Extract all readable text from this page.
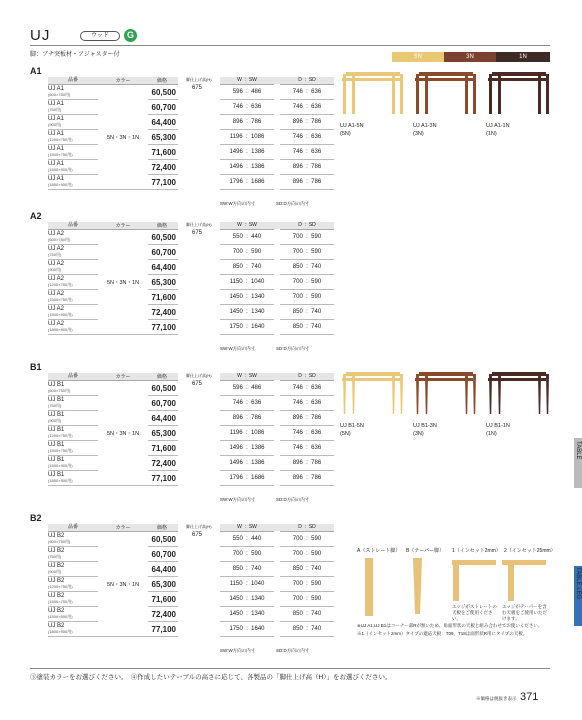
UJ	ウッド	G
脚：ブナ突板材・アジャスター付	5N	3N	1N
A1
品番	カラー	価格

UJ A1
(600×750用)	5N・3N・1N	60,500

UJ A1
(750用)		60,700

UJ A1
(900用)		64,400

UJ A1
(1200×750用)		65,300

UJ A1
(1500×750用)		71,600

UJ A1
(1500×900用)		72,400

UJ A1
(1800×900用)		77,100
脚仕上げ高(H)
675
W : SW		D : SD
596 : 486		746 : 636
746 : 636		746 : 636
896 : 786		896 : 786
1196 : 1086		746 : 636
1496 : 1386		746 : 636
1496 : 1386		896 : 786
1796 : 1686		896 : 786
SW:W方向の内寸	SD:D方向の内寸
UJ A1-5N
(5N)
UJ A1-3N
(3N)
UJ A1-1N
(1N)
A2
品番	カラー	価格

UJ A2
(600×750用)	5N・3N・1N	60,500

UJ A2
(750用)		60,700

UJ A2
(900用)		64,400

UJ A2
(1200×750用)		65,300

UJ A2
(1500×750用)		71,600

UJ A2
(1500×900用)		72,400

UJ A2
(1800×900用)		77,100
脚仕上げ高(H)
675
W : SW		D : SD
550 : 440		700 : 590
700 : 590		700 : 590
850 : 740		850 : 740
1150 : 1040		700 : 590
1450 : 1340		700 : 590
1450 : 1340		850 : 740
1750 : 1640		850 : 740
SW:W方向の内寸	SD:D方向の内寸
B1
品番	カラー	価格

UJ B1
(600×750用)	5N・3N・1N	60,500

UJ B1
(750用)		60,700

UJ B1
(900用)		64,400

UJ B1
(1200×750用)		65,300

UJ B1
(1500×750用)		71,600

UJ B1
(1500×900用)		72,400

UJ B1
(1800×900用)		77,100
脚仕上げ高(H)
675
W : SW		D : SD
596 : 486		746 : 636
746 : 636		746 : 636
896 : 786		896 : 786
1196 : 1086		746 : 636
1496 : 1386		746 : 636
1496 : 1386		896 : 786
1796 : 1686		896 : 786
SW:W方向の内寸	SD:D方向の内寸
UJ B1-5N
(5N)
UJ B1-3N
(3N)
UJ B1-1N
(1N)
B2
品番	カラー	価格

UJ B2
(600×750用)	5N・3N・1N	60,500

UJ B2
(750用)		60,700

UJ B2
(900用)		64,400

UJ B2
(1200×750用)		65,300

UJ B2
(1500×750用)		71,600

UJ B2
(1500×900用)		72,400

UJ B2
(1800×900用)		77,100
脚仕上げ高(H)
675
W : SW		D : SD
550 : 440		700 : 590
700 : 590		700 : 590
850 : 740		850 : 740
1150 : 1040		700 : 590
1450 : 1340		700 : 590
1450 : 1340		850 : 740
1750 : 1640		850 : 740
SW:W方向の内寸	SD:D方向の内寸
A（ストレート脚） B（テーパー脚） 1（インセット2mm） 2（インセット25mm）
エッジがストレートの天板をご使用ください。
エッジがテーパーを含む天板をご使用いただけます。
※UJ A1,UJ B1はコーナー部Rが無いため、角面形状の天板と組み合わせてお使いください。
※1（インセット2mm）タイプの適応天板：T09、T18は面形状R用にタイプの天板。
TABLE
TABLE LEG
③塗装カラーをお選びください。　④作成したいテーブルの高さに応じて、各製品の「脚仕上げ高（H）」をお選びください。
※価格は税抜き表示 371
